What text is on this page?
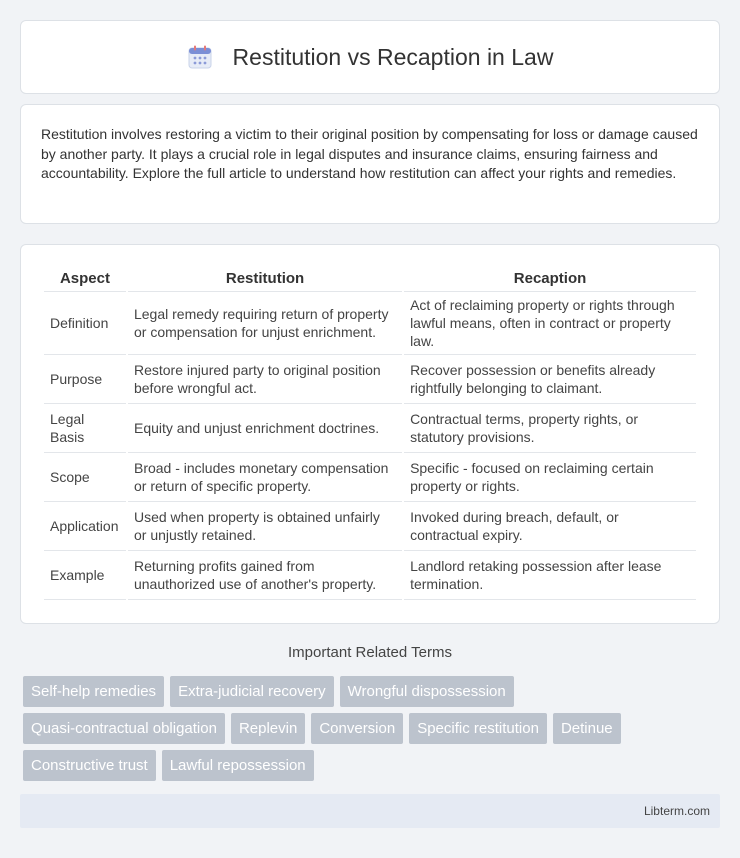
Restitution vs Recaption in Law

Restitution involves restoring a victim to their original position by compensating for loss or damage caused by another party. It plays a crucial role in legal disputes and insurance claims, ensuring fairness and accountability. Explore the full article to understand how restitution can affect your rights and remedies.

Aspect	Restitution	Recaption
Definition	Legal remedy requiring return of property or compensation for unjust enrichment.	Act of reclaiming property or rights through lawful means, often in contract or property law.
Purpose	Restore injured party to original position before wrongful act.	Recover possession or benefits already rightfully belonging to claimant.
Legal Basis	Equity and unjust enrichment doctrines.	Contractual terms, property rights, or statutory provisions.
Scope	Broad - includes monetary compensation or return of specific property.	Specific - focused on reclaiming certain property or rights.
Application	Used when property is obtained unfairly or unjustly retained.	Invoked during breach, default, or contractual expiry.
Example	Returning profits gained from unauthorized use of another's property.	Landlord retaking possession after lease termination.
Important Related Terms
Self-help remedies	Extra-judicial recovery	Wrongful dispossession
Quasi-contractual obligation	Replevin	Conversion	Specific restitution	Detinue
Constructive trust	Lawful repossession
Libterm.com
